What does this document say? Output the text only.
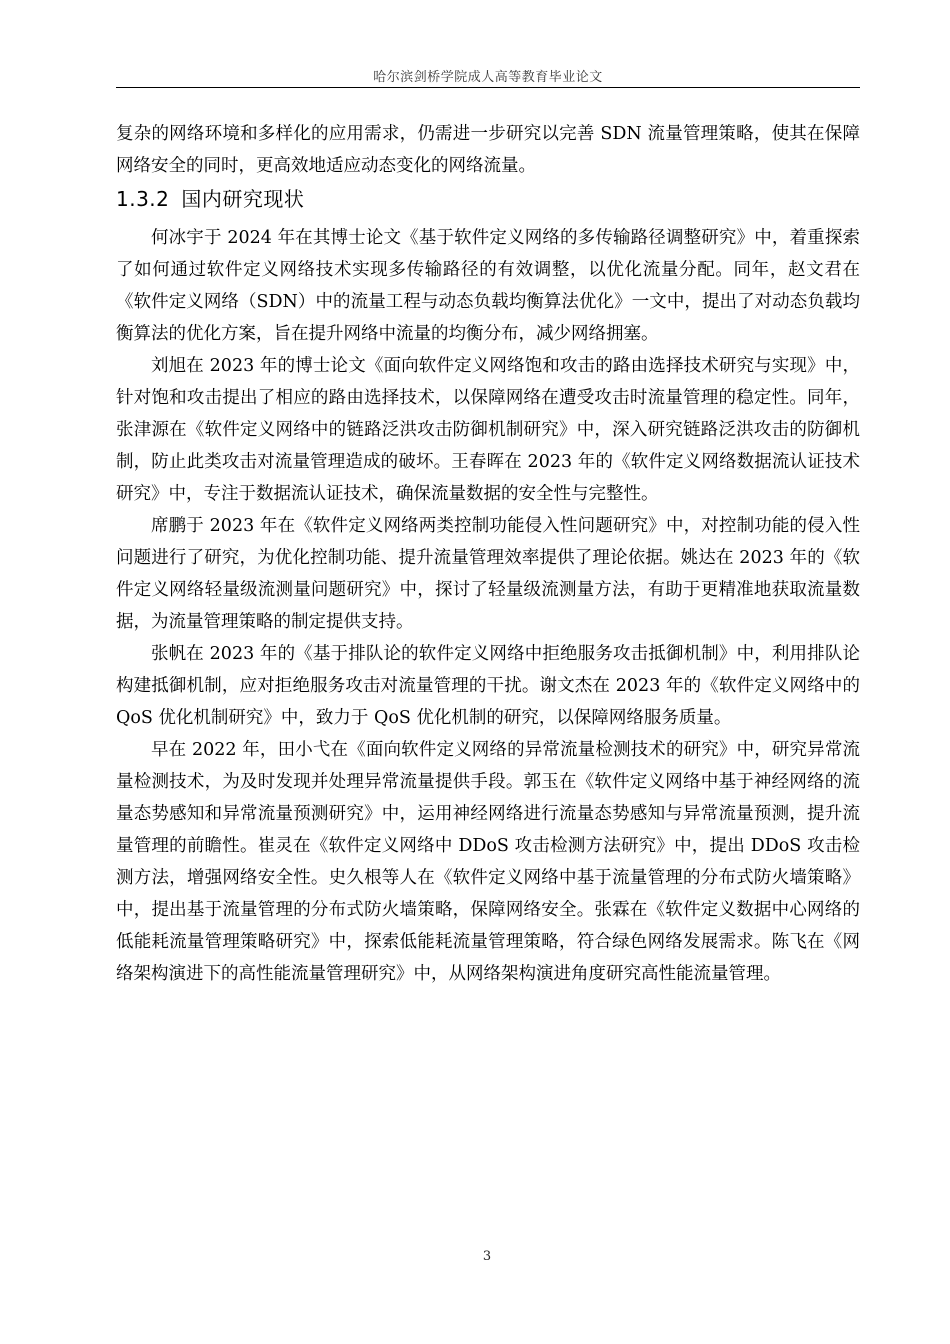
哈尔滨剑桥学院成人高等教育毕业论文

复杂的网络环境和多样化的应用需求，仍需进一步研究以完善 SDN 流量管理策略，使其在保障网络安全的同时，更高效地适应动态变化的网络流量。

1.3.2 国内研究现状

何冰宇于 2024 年在其博士论文《基于软件定义网络的多传输路径调整研究》中，着重探索了如何通过软件定义网络技术实现多传输路径的有效调整，以优化流量分配。同年，赵文君在《软件定义网络（SDN）中的流量工程与动态负载均衡算法优化》一文中，提出了对动态负载均衡算法的优化方案，旨在提升网络中流量的均衡分布，减少网络拥塞。

刘旭在 2023 年的博士论文《面向软件定义网络饱和攻击的路由选择技术研究与实现》中，针对饱和攻击提出了相应的路由选择技术，以保障网络在遭受攻击时流量管理的稳定性。同年，张津源在《软件定义网络中的链路泛洪攻击防御机制研究》中，深入研究链路泛洪攻击的防御机制，防止此类攻击对流量管理造成的破坏。王春晖在 2023 年的《软件定义网络数据流认证技术研究》中，专注于数据流认证技术，确保流量数据的安全性与完整性。

席鹏于 2023 年在《软件定义网络两类控制功能侵入性问题研究》中，对控制功能的侵入性问题进行了研究，为优化控制功能、提升流量管理效率提供了理论依据。姚达在 2023 年的《软件定义网络轻量级流测量问题研究》中，探讨了轻量级流测量方法，有助于更精准地获取流量数据，为流量管理策略的制定提供支持。

张帆在 2023 年的《基于排队论的软件定义网络中拒绝服务攻击抵御机制》中，利用排队论构建抵御机制，应对拒绝服务攻击对流量管理的干扰。谢文杰在 2023 年的《软件定义网络中的 QoS 优化机制研究》中，致力于 QoS 优化机制的研究，以保障网络服务质量。

早在 2022 年，田小弋在《面向软件定义网络的异常流量检测技术的研究》中，研究异常流量检测技术，为及时发现并处理异常流量提供手段。郭玉在《软件定义网络中基于神经网络的流量态势感知和异常流量预测研究》中，运用神经网络进行流量态势感知与异常流量预测，提升流量管理的前瞻性。崔灵在《软件定义网络中 DDoS 攻击检测方法研究》中，提出 DDoS 攻击检测方法，增强网络安全性。史久根等人在《软件定义网络中基于流量管理的分布式防火墙策略》中，提出基于流量管理的分布式防火墙策略，保障网络安全。张霖在《软件定义数据中心网络的低能耗流量管理策略研究》中，探索低能耗流量管理策略，符合绿色网络发展需求。陈飞在《网络架构演进下的高性能流量管理研究》中，从网络架构演进角度研究高性能流量管理。

3
